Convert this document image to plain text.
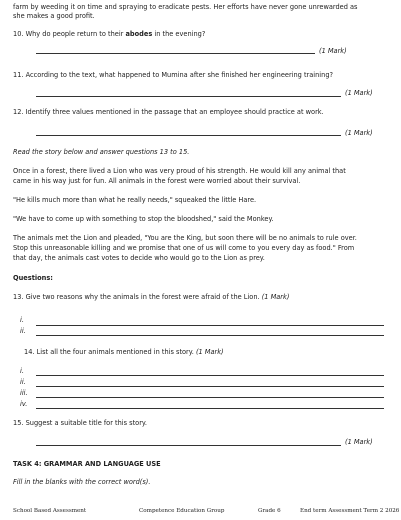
farm by weeding it on time and spraying to eradicate pests. Her efforts have never gone unrewarded as

she makes a good profit.

10. Why do people return to their abodes in the evening?

(1 Mark)

11. According to the text, what happened to Mumina after she finished her engineering training?

(1 Mark)

12. Identify three values mentioned in the passage that an employee should practice at work.

(1 Mark)

Read the story below and answer questions 13 to 15.

Once in a forest, there lived a Lion who was very proud of his strength. He would kill any animal that

came in his way just for fun. All animals in the forest were worried about their survival.

"He kills much more than what he really needs," squeaked the little Hare.

"We have to come up with something to stop the bloodshed," said the Monkey.

The animals met the Lion and pleaded, "You are the King, but soon there will be no animals to rule over.

Stop this unreasonable killing and we promise that one of us will come to you every day as food." From

that day, the animals cast votes to decide who would go to the Lion as prey.

Questions:

13. Give two reasons why the animals in the forest were afraid of the Lion. (1 Mark)

i.
ii.

14. List all the four animals mentioned in this story. (1 Mark)

i.
ii.
iii.
iv.

15. Suggest a suitable title for this story.

(1 Mark)

TASK 4: GRAMMAR AND LANGUAGE USE

Fill in the blanks with the correct word(s).

School Based Assessment	Competence Education Group	Grade 6	End term Assessment Term 2 2026
